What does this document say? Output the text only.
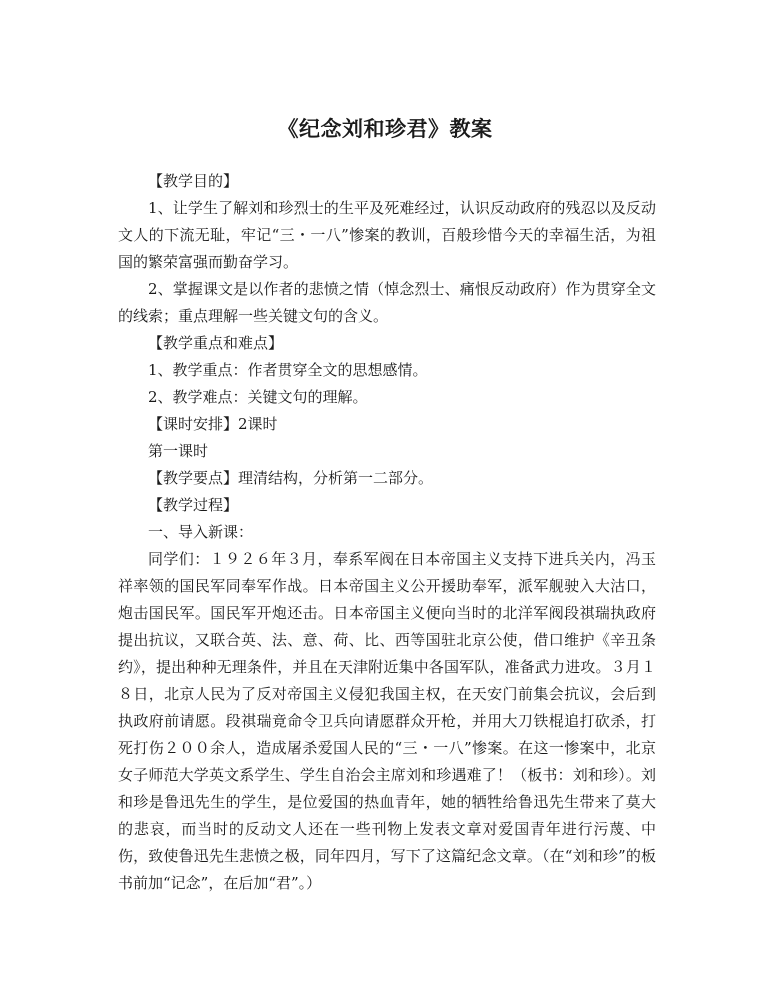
《纪念刘和珍君》教案

【教学目的】

1、让学生了解刘和珍烈士的生平及死难经过，认识反动政府的残忍以及反动文人的下流无耻，牢记“三・一八”惨案的教训，百般珍惜今天的幸福生活，为祖国的繁荣富强而勤奋学习。

2、掌握课文是以作者的悲愤之情（悼念烈士、痛恨反动政府）作为贯穿全文的线索；重点理解一些关键文句的含义。

【教学重点和难点】

1、教学重点：作者贯穿全文的思想感情。

2、教学难点：关键文句的理解。

【课时安排】2课时

第一课时

【教学要点】理清结构，分析第一二部分。

【教学过程】

一、导入新课：

同学们：１９２６年３月，奉系军阀在日本帝国主义支持下进兵关内，冯玉祥率领的国民军同奉军作战。日本帝国主义公开援助奉军，派军舰驶入大沽口，炮击国民军。国民军开炮还击。日本帝国主义便向当时的北洋军阀段祺瑞执政府提出抗议，又联合英、法、意、荷、比、西等国驻北京公使，借口维护《辛丑条约》，提出种种无理条件，并且在天津附近集中各国军队，准备武力进攻。３月１８日，北京人民为了反对帝国主义侵犯我国主权，在天安门前集会抗议，会后到执政府前请愿。段祺瑞竟命令卫兵向请愿群众开枪，并用大刀铁棍追打砍杀，打死打伤２００余人，造成屠杀爱国人民的“三・一八”惨案。在这一惨案中，北京女子师范大学英文系学生、学生自治会主席刘和珍遇难了！（板书：刘和珍）。刘和珍是鲁迅先生的学生，是位爱国的热血青年，她的牺牲给鲁迅先生带来了莫大的悲哀，而当时的反动文人还在一些刊物上发表文章对爱国青年进行污蔑、中伤，致使鲁迅先生悲愤之极，同年四月，写下了这篇纪念文章。（在“刘和珍”的板书前加“记念”，在后加“君”。）
